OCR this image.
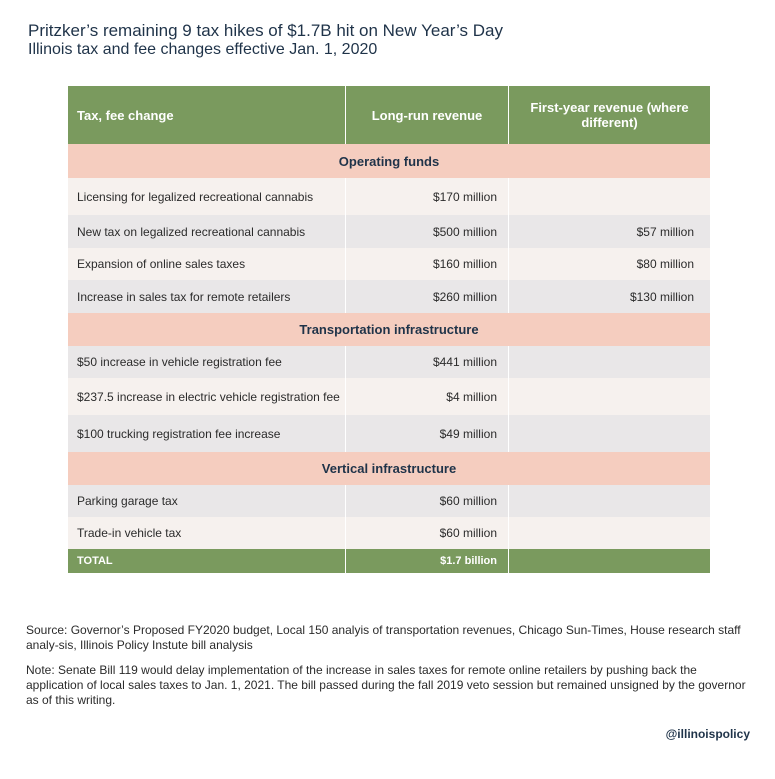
Pritzker’s remaining 9 tax hikes of $1.7B hit on New Year’s Day
Illinois tax and fee changes effective Jan. 1, 2020
Tax, fee change	Long-run revenue	First-year revenue (where different)
Operating funds
Licensing for legalized recreational cannabis	$170 million
New tax on legalized recreational cannabis	$500 million	$57 million
Expansion of online sales taxes	$160 million	$80 million
Increase in sales tax for remote retailers	$260 million	$130 million
Transportation infrastructure
$50 increase in vehicle registration fee	$441 million
$237.5 increase in electric vehicle registration fee	$4 million
$100 trucking registration fee increase	$49 million
Vertical infrastructure
Parking garage tax	$60 million
Trade-in vehicle tax	$60 million
TOTAL	$1.7 billion
Source: Governor’s Proposed FY2020 budget, Local 150 analyis of transportation revenues, Chicago Sun-Times, House research staff analy-sis, Illinois Policy Instute bill analysis
Note: Senate Bill 119 would delay implementation of the increase in sales taxes for remote online retailers by pushing back the application of local sales taxes to Jan. 1, 2021. The bill passed during the fall 2019 veto session but remained unsigned by the governor as of this writing.
@illinoispolicy
